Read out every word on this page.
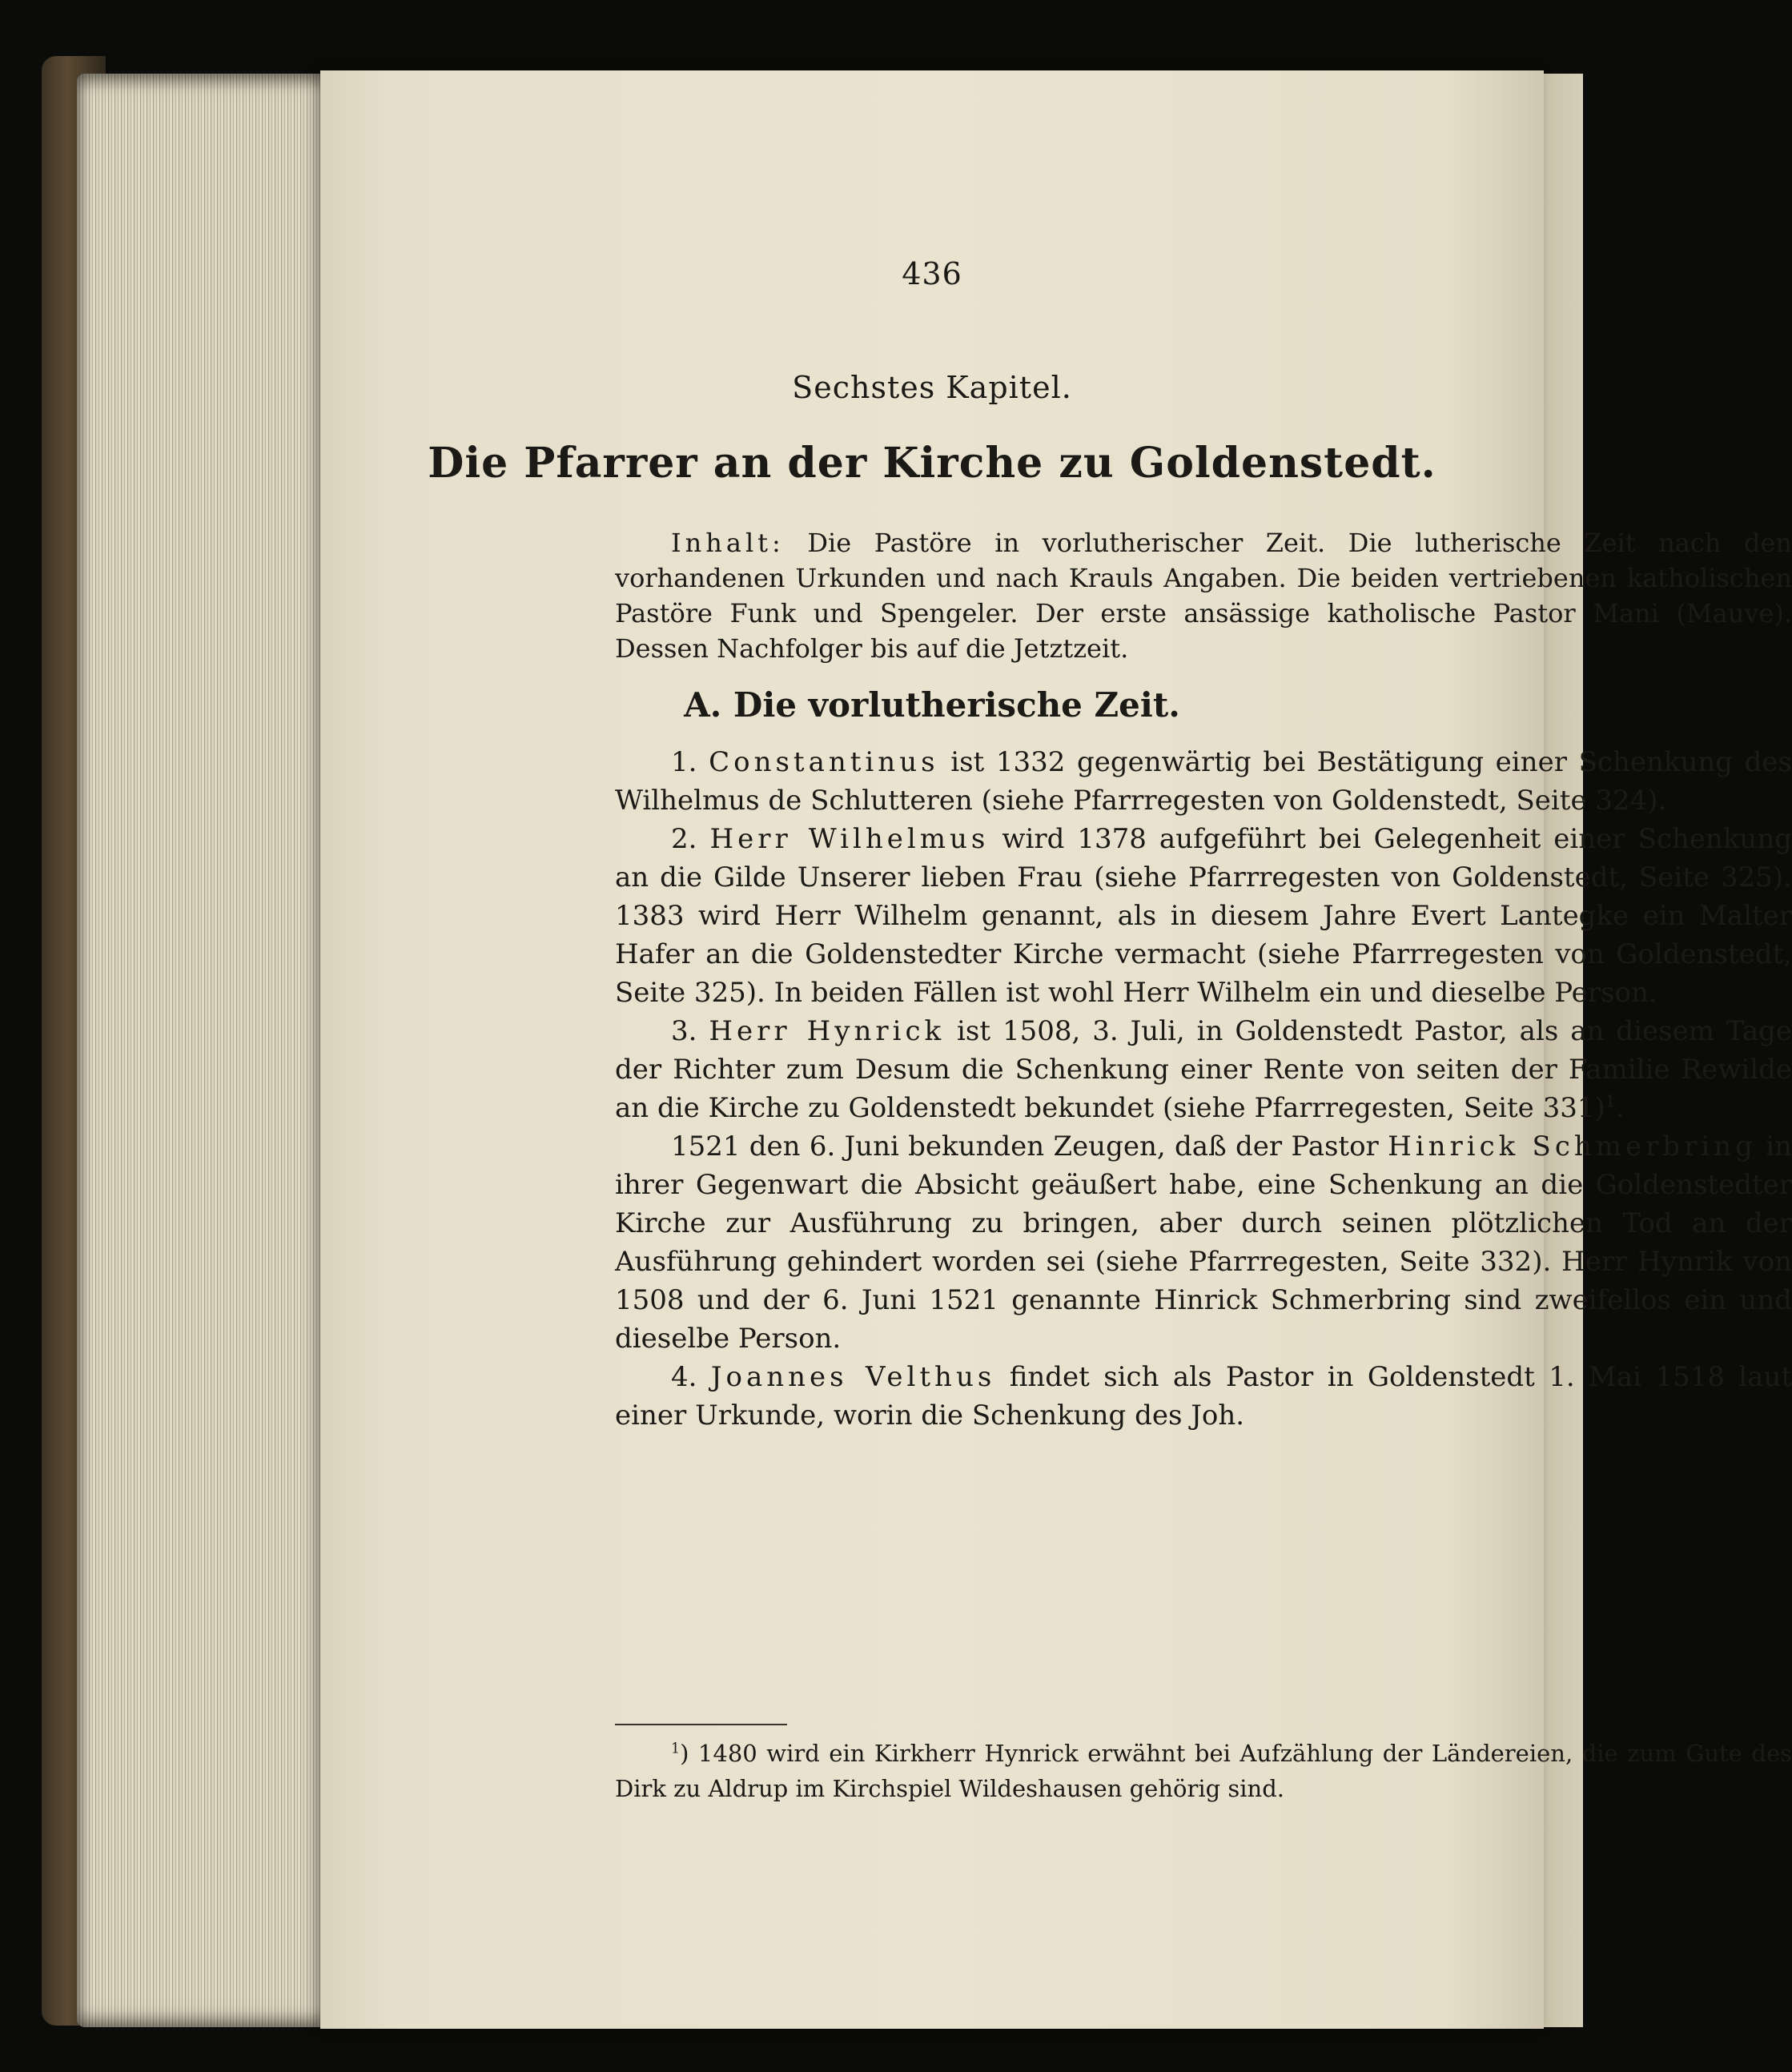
436
Sechstes Kapitel.
Die Pfarrer an der Kirche zu Goldenstedt.
Inhalt: Die Pastöre in vorlutherischer Zeit. Die lutherische Zeit nach den vorhandenen Urkunden und nach Krauls Angaben. Die beiden vertriebenen katholischen Pastöre Funk und Spengeler. Der erste ansässige katholische Pastor Mani (Mauve). Dessen Nachfolger bis auf die Jetztzeit.
A. Die vorlutherische Zeit.

1. Constantinus ist 1332 gegenwärtig bei Bestätigung einer Schenkung des Wilhelmus de Schlutteren (siehe Pfarrregesten von Goldenstedt, Seite 324).

2. Herr Wilhelmus wird 1378 aufgeführt bei Gelegenheit einer Schenkung an die Gilde Unserer lieben Frau (siehe Pfarrregesten von Goldenstedt, Seite 325). 1383 wird Herr Wilhelm genannt, als in diesem Jahre Evert Lantegke ein Malter Hafer an die Goldenstedter Kirche vermacht (siehe Pfarrregesten von Goldenstedt, Seite 325). In beiden Fällen ist wohl Herr Wilhelm ein und dieselbe Person.

3. Herr Hynrick ist 1508, 3. Juli, in Goldenstedt Pastor, als an diesem Tage der Richter zum Desum die Schenkung einer Rente von seiten der Familie Rewilde an die Kirche zu Goldenstedt bekundet (siehe Pfarrregesten, Seite 331)$^1$.

1521 den 6. Juni bekunden Zeugen, daß der Pastor Hinrick Schmerbring in ihrer Gegenwart die Absicht geäußert habe, eine Schenkung an die Goldenstedter Kirche zur Ausführung zu bringen, aber durch seinen plötzlichen Tod an der Ausführung gehindert worden sei (siehe Pfarrregesten, Seite 332). Herr Hynrik von 1508 und der 6. Juni 1521 genannte Hinrick Schmerbring sind zweifellos ein und dieselbe Person.

4. Joannes Velthus findet sich als Pastor in Goldenstedt 1. Mai 1518 laut einer Urkunde, worin die Schenkung des Joh.

$^1$) 1480 wird ein Kirkherr Hynrick erwähnt bei Aufzählung der Ländereien, die zum Gute des Dirk zu Aldrup im Kirchspiel Wildeshausen gehörig sind.
